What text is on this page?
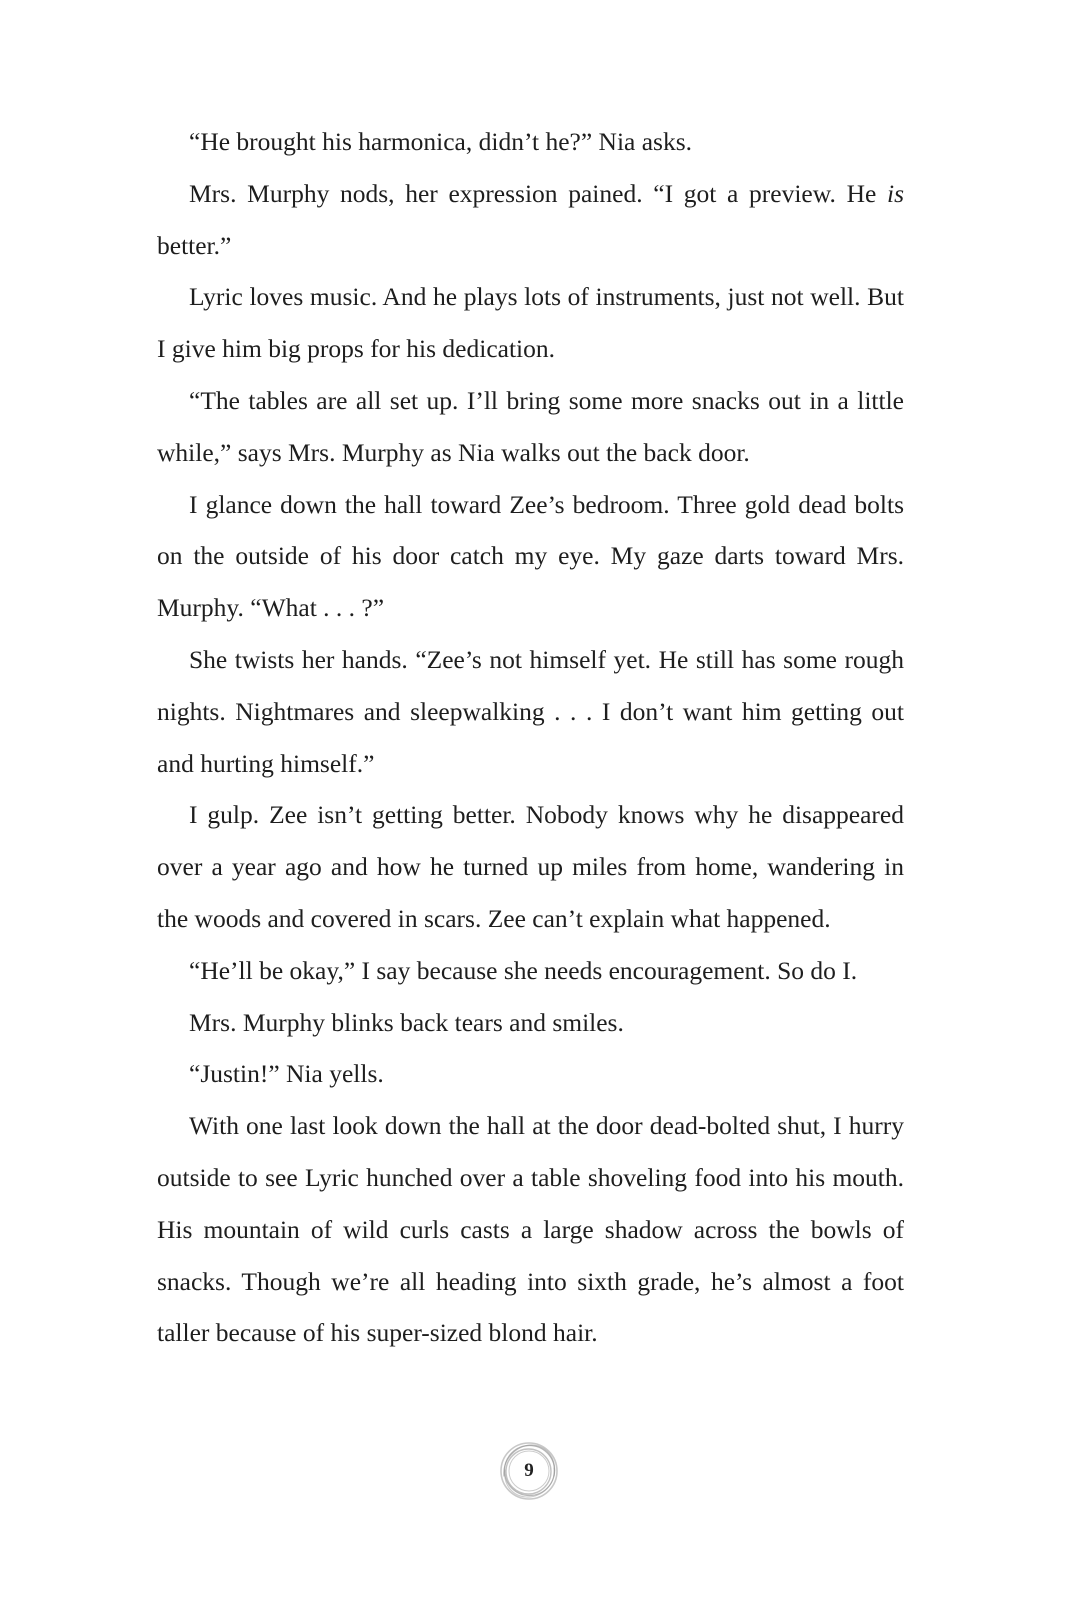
“He brought his harmonica, didn’t he?” Nia asks.

Mrs. Murphy nods, her expression pained. “I got a preview. He is better.”

Lyric loves music. And he plays lots of instruments, just not well. But I give him big props for his dedication.

“The tables are all set up. I’ll bring some more snacks out in a little while,” says Mrs. Murphy as Nia walks out the back door.

I glance down the hall toward Zee’s bedroom. Three gold dead bolts on the outside of his door catch my eye. My gaze darts toward Mrs. Murphy. “What . . . ?”

She twists her hands. “Zee’s not himself yet. He still has some rough nights. Nightmares and sleepwalking . . . I don’t want him getting out and hurting himself.”

I gulp. Zee isn’t getting better. Nobody knows why he disappeared over a year ago and how he turned up miles from home, wandering in the woods and covered in scars. Zee can’t explain what happened.

“He’ll be okay,” I say because she needs encouragement. So do I.

Mrs. Murphy blinks back tears and smiles.

“Justin!” Nia yells.

With one last look down the hall at the door dead-bolted shut, I hurry outside to see Lyric hunched over a table shoveling food into his mouth. His mountain of wild curls casts a large shadow across the bowls of snacks. Though we’re all heading into sixth grade, he’s almost a foot taller because of his super-sized blond hair.

9
